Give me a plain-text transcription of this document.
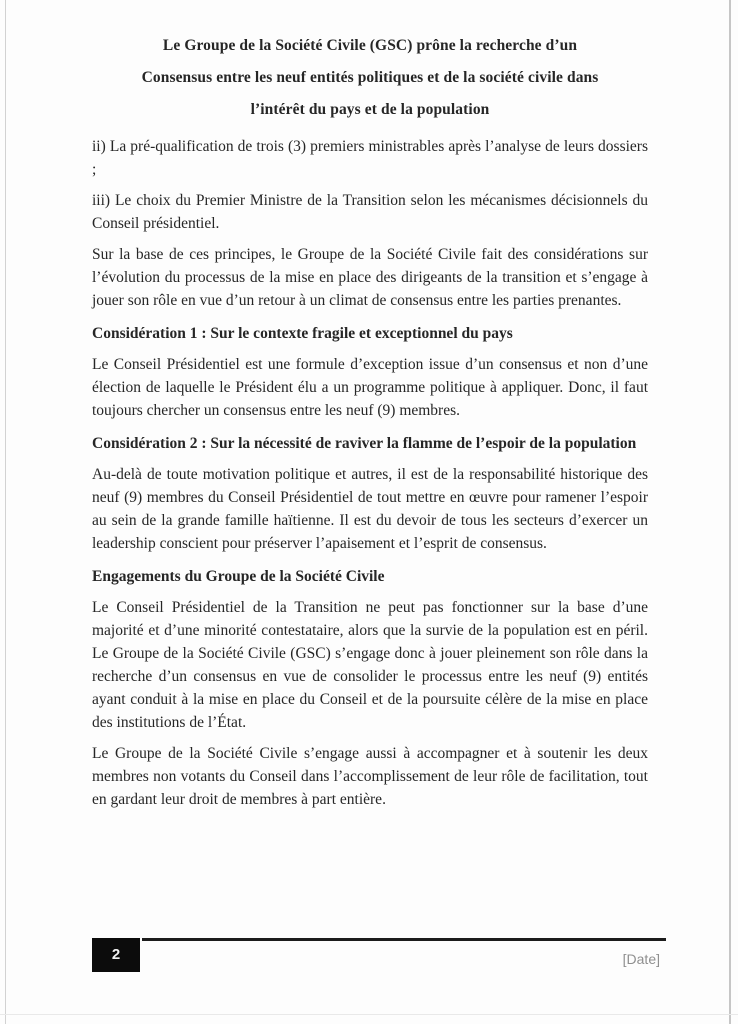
Le Groupe de la Société Civile (GSC) prône la recherche d’un
Consensus entre les neuf entités politiques et de la société civile dans
l’intérêt du pays et de la population

ii) La pré-qualification de trois (3) premiers ministrables après l’analyse de leurs dossiers ;

iii) Le choix du Premier Ministre de la Transition selon les mécanismes décisionnels du Conseil présidentiel.

Sur la base de ces principes, le Groupe de la Société Civile fait des considérations sur l’évolution du processus de la mise en place des dirigeants de la transition et s’engage à jouer son rôle en vue d’un retour à un climat de consensus entre les parties prenantes.

Considération 1 : Sur le contexte fragile et exceptionnel du pays

Le Conseil Présidentiel est une formule d’exception issue d’un consensus et non d’une élection de laquelle le Président élu a un programme politique à appliquer. Donc, il faut toujours chercher un consensus entre les neuf (9) membres.

Considération 2 : Sur la nécessité de raviver la flamme de l’espoir de la population

Au-delà de toute motivation politique et autres, il est de la responsabilité historique des neuf (9) membres du Conseil Présidentiel de tout mettre en œuvre pour ramener l’espoir au sein de la grande famille haïtienne. Il est du devoir de tous les secteurs d’exercer un leadership conscient pour préserver l’apaisement et l’esprit de consensus.

Engagements du Groupe de la Société Civile

Le Conseil Présidentiel de la Transition ne peut pas fonctionner sur la base d’une majorité et d’une minorité contestataire, alors que la survie de la population est en péril. Le Groupe de la Société Civile (GSC) s’engage donc à jouer pleinement son rôle dans la recherche d’un consensus en vue de consolider le processus entre les neuf (9) entités ayant conduit à la mise en place du Conseil et de la poursuite célère de la mise en place des institutions de l’État.

Le Groupe de la Société Civile s’engage aussi à accompagner et à soutenir les deux membres non votants du Conseil dans l’accomplissement de leur rôle de facilitation, tout en gardant leur droit de membres à part entière.

2	[Date]
